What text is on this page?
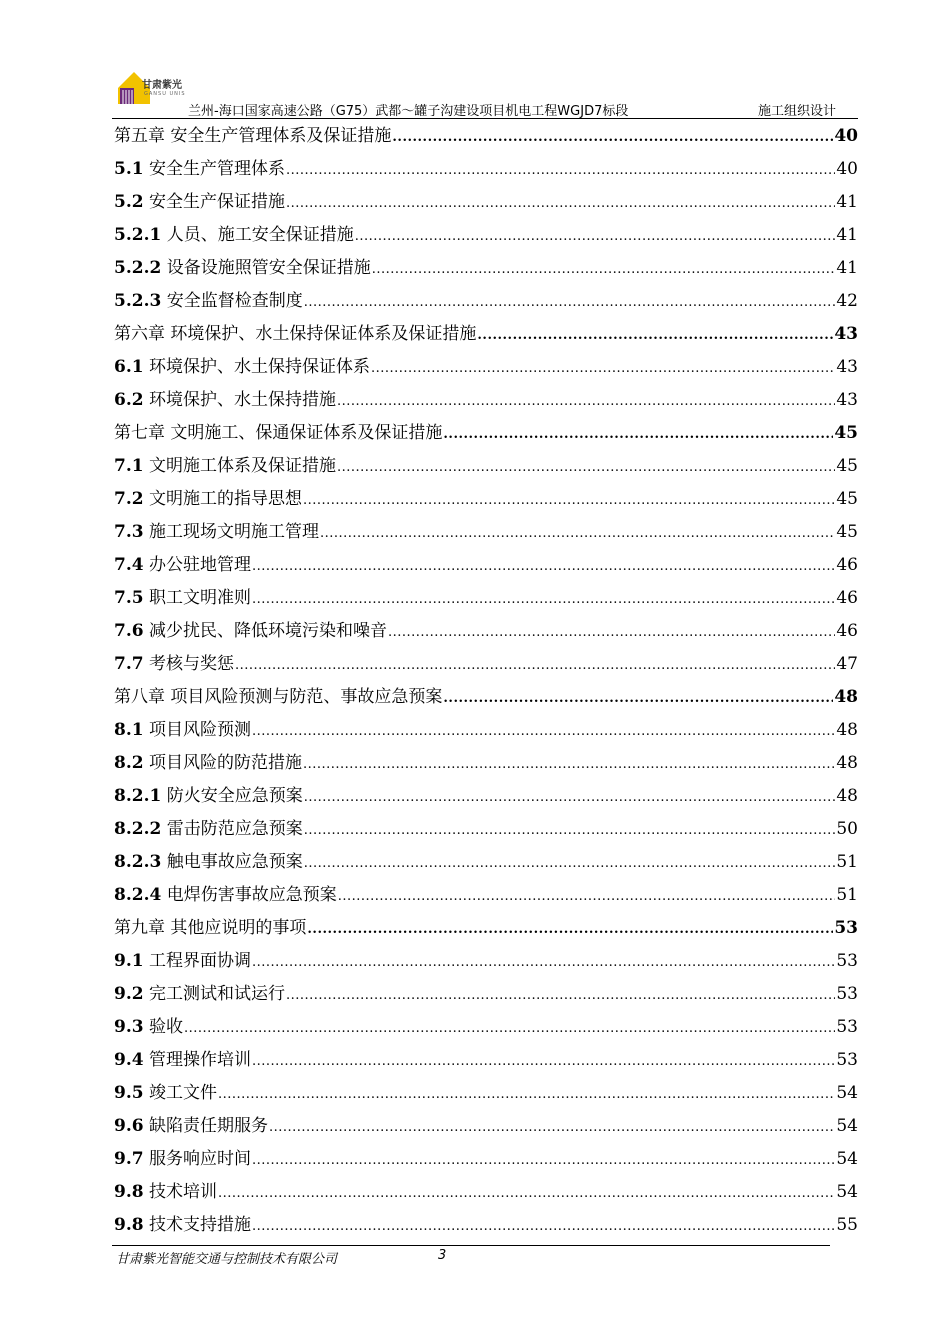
甘肃紫光
GANSU UNIS
兰州-海口国家高速公路（G75）武都～罐子沟建设项目机电工程WGJD7标段	施工组织设计
第五章 安全生产管理体系及保证措施 .....	40
5.1 安全生产管理体系 .....	40
5.2 安全生产保证措施 .....	41
5.2.1 人员、施工安全保证措施 .....	41
5.2.2 设备设施照管安全保证措施 .....	41
5.2.3 安全监督检查制度 .....	42
第六章 环境保护、水土保持保证体系及保证措施 .....	43
6.1 环境保护、水土保持保证体系 .....	43
6.2 环境保护、水土保持措施 .....	43
第七章 文明施工、保通保证体系及保证措施 .....	45
7.1 文明施工体系及保证措施 .....	45
7.2 文明施工的指导思想 .....	45
7.3 施工现场文明施工管理 .....	45
7.4 办公驻地管理 .....	46
7.5 职工文明准则 .....	46
7.6 减少扰民、降低环境污染和噪音 .....	46
7.7 考核与奖惩 .....	47
第八章 项目风险预测与防范、事故应急预案 .....	48
8.1 项目风险预测 .....	48
8.2 项目风险的防范措施 .....	48
8.2.1 防火安全应急预案 .....	48
8.2.2 雷击防范应急预案 .....	50
8.2.3 触电事故应急预案 .....	51
8.2.4 电焊伤害事故应急预案 .....	51
第九章 其他应说明的事项 .....	53
9.1 工程界面协调 .....	53
9.2 完工测试和试运行 .....	53
9.3 验收 .....	53
9.4 管理操作培训 .....	53
9.5 竣工文件 .....	54
9.6 缺陷责任期服务 .....	54
9.7 服务响应时间 .....	54
9.8 技术培训 .....	54
9.8 技术支持措施 .....	55
甘肃紫光智能交通与控制技术有限公司	3
